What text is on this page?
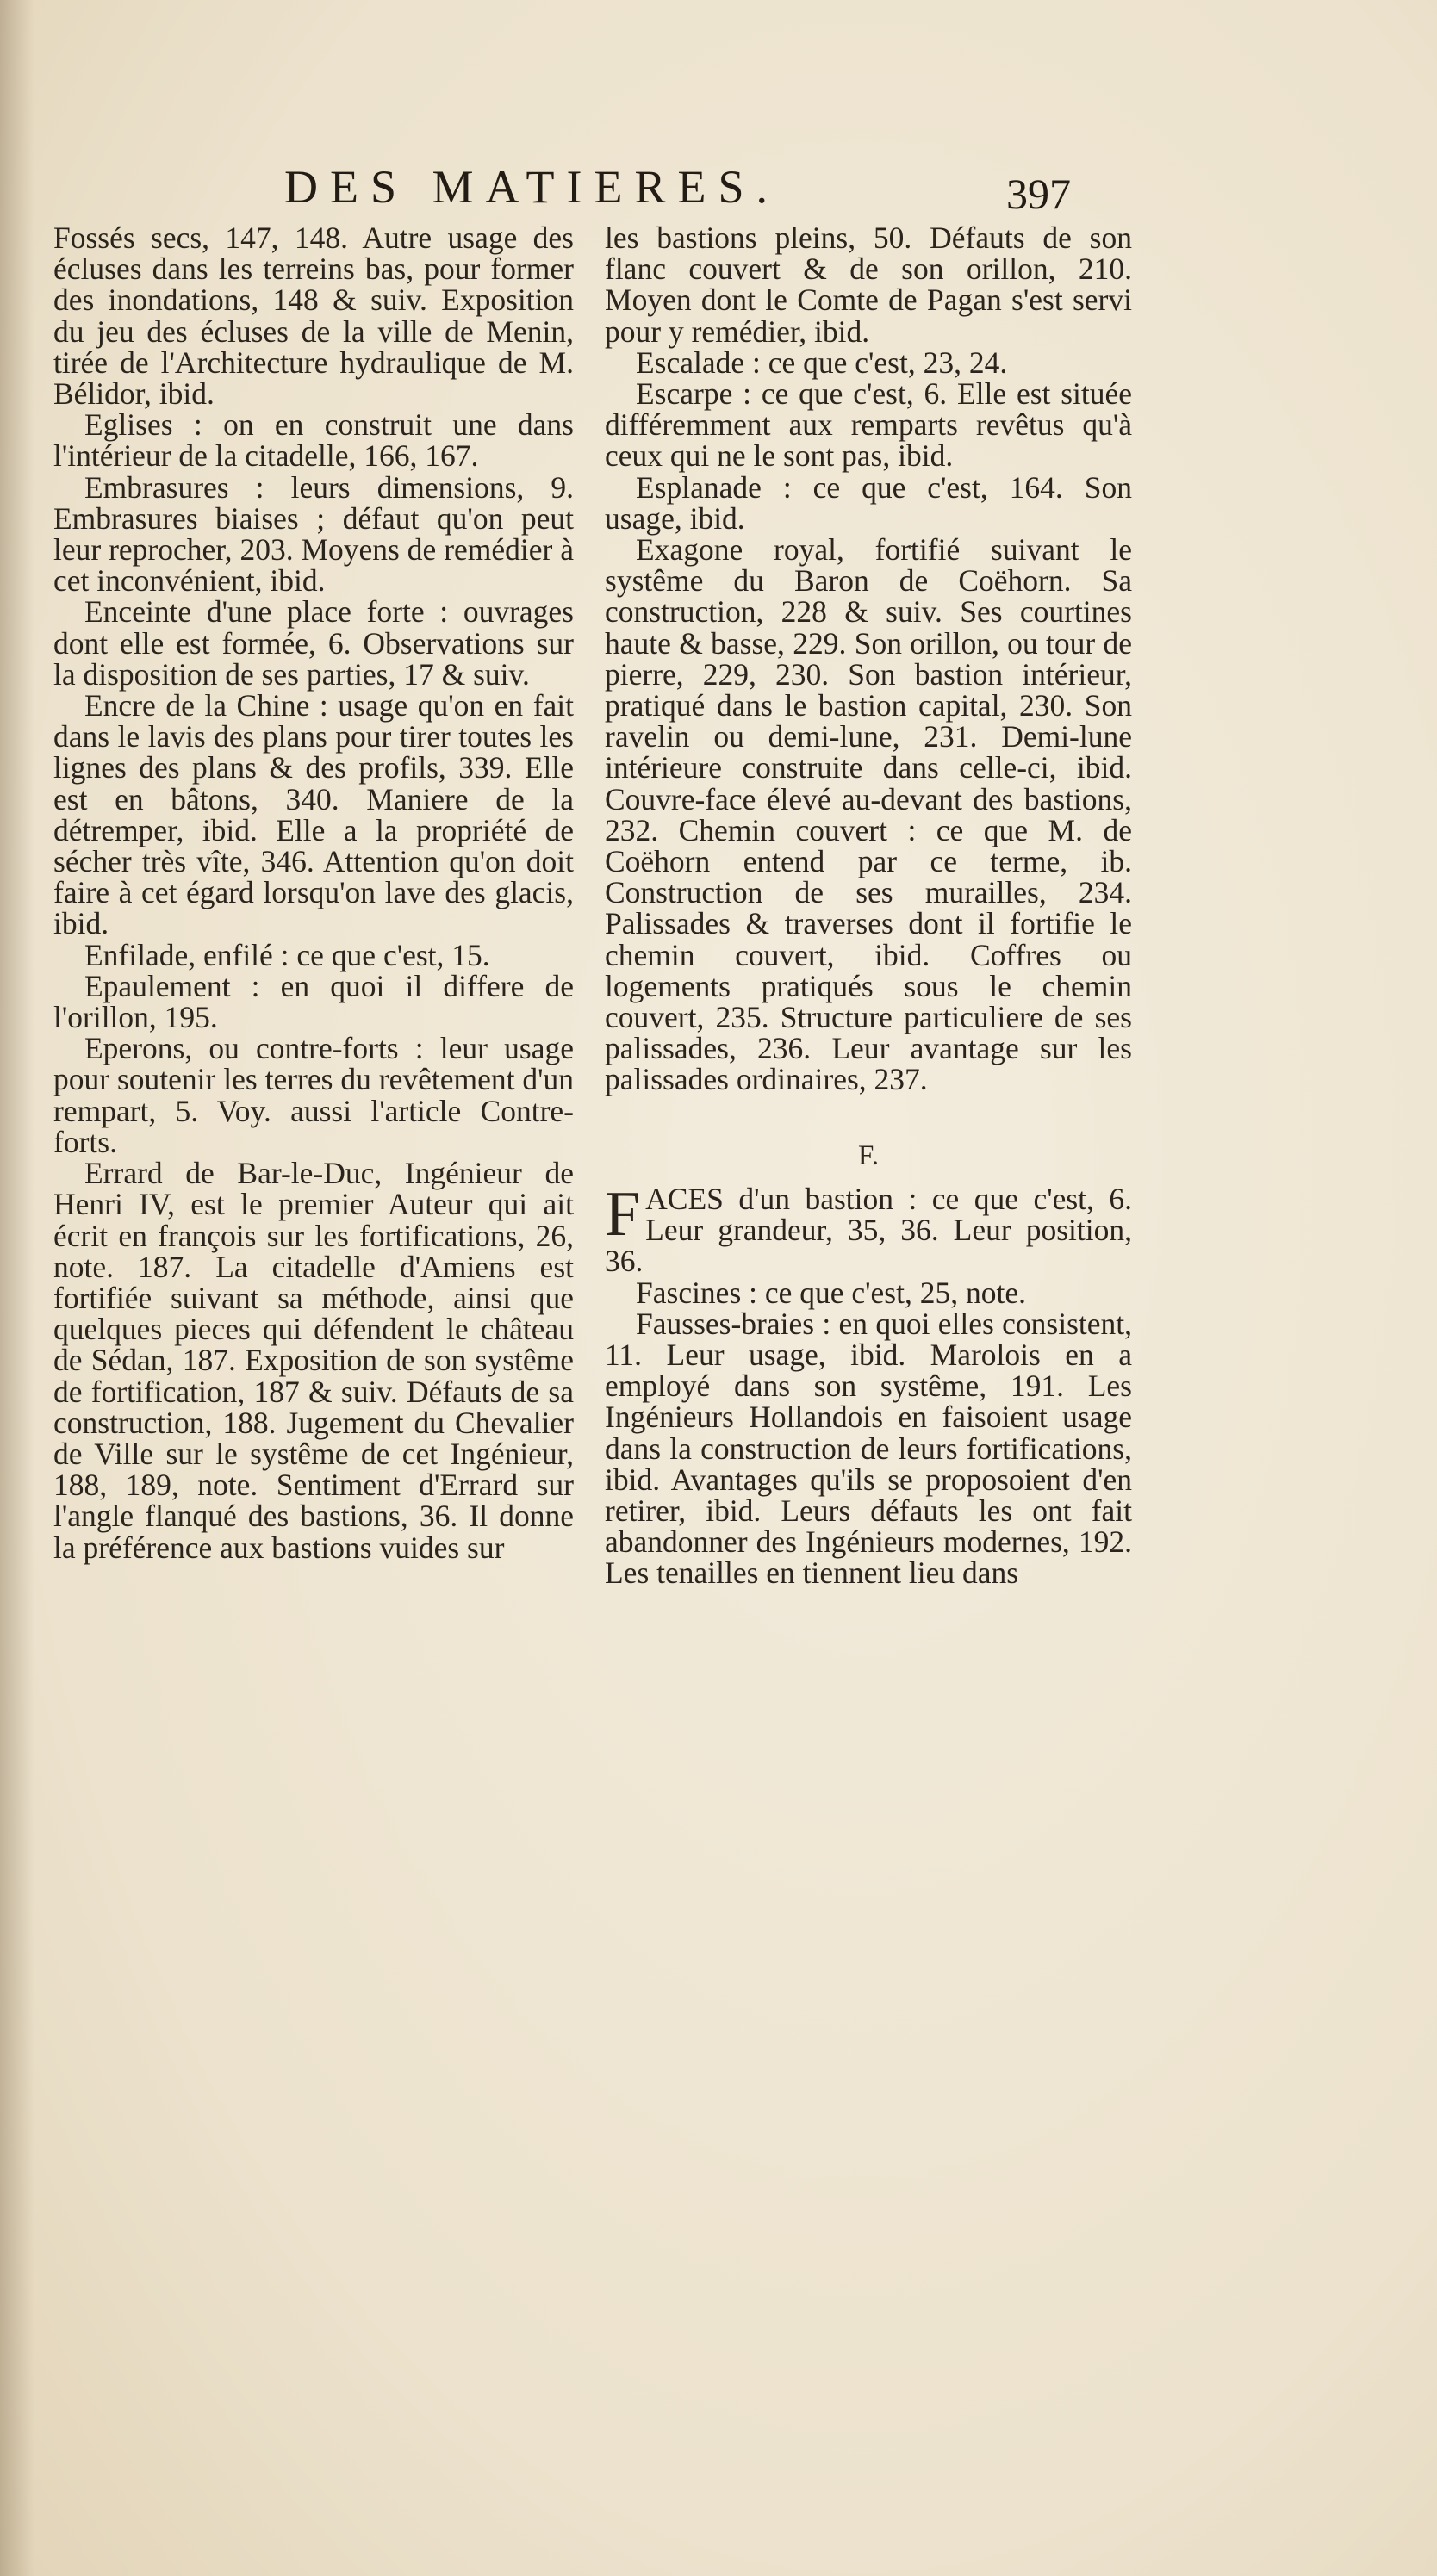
DES MATIERES.	397

Fossés secs, 147, 148. Autre usage des écluses dans les terreins bas, pour former des inondations, 148 & suiv. Exposition du jeu des écluses de la ville de Menin, tirée de l'Architecture hydraulique de M. Bélidor, ibid.

Eglises : on en construit une dans l'intérieur de la citadelle, 166, 167.

Embrasures : leurs dimensions, 9. Embrasures biaises ; défaut qu'on peut leur reprocher, 203. Moyens de remédier à cet inconvénient, ibid.

Enceinte d'une place forte : ouvrages dont elle est formée, 6. Observations sur la disposition de ses parties, 17 & suiv.

Encre de la Chine : usage qu'on en fait dans le lavis des plans pour tirer toutes les lignes des plans & des profils, 339. Elle est en bâtons, 340. Maniere de la détremper, ibid. Elle a la propriété de sécher très vîte, 346. Attention qu'on doit faire à cet égard lorsqu'on lave des glacis, ibid.

Enfilade, enfilé : ce que c'est, 15.

Epaulement : en quoi il differe de l'orillon, 195.

Eperons, ou contre-forts : leur usage pour soutenir les terres du revêtement d'un rempart, 5. Voy. aussi l'article Contre-forts.

Errard de Bar-le-Duc, Ingénieur de Henri IV, est le premier Auteur qui ait écrit en françois sur les fortifications, 26, note. 187. La citadelle d'Amiens est fortifiée suivant sa méthode, ainsi que quelques pieces qui défendent le château de Sédan, 187. Exposition de son systême de fortification, 187 & suiv. Défauts de sa construction, 188. Jugement du Chevalier de Ville sur le systême de cet Ingénieur, 188, 189, note. Sentiment d'Errard sur l'angle flanqué des bastions, 36. Il donne la préférence aux bastions vuides sur

les bastions pleins, 50. Défauts de son flanc couvert & de son orillon, 210. Moyen dont le Comte de Pagan s'est servi pour y remédier, ibid.

Escalade : ce que c'est, 23, 24.

Escarpe : ce que c'est, 6. Elle est située différemment aux remparts revêtus qu'à ceux qui ne le sont pas, ibid.

Esplanade : ce que c'est, 164. Son usage, ibid.

Exagone royal, fortifié suivant le systême du Baron de Coëhorn. Sa construction, 228 & suiv. Ses courtines haute & basse, 229. Son orillon, ou tour de pierre, 229, 230. Son bastion intérieur, pratiqué dans le bastion capital, 230. Son ravelin ou demi-lune, 231. Demi-lune intérieure construite dans celle-ci, ibid. Couvre-face élevé au-devant des bastions, 232. Chemin couvert : ce que M. de Coëhorn entend par ce terme, ib. Construction de ses murailles, 234. Palissades & traverses dont il fortifie le chemin couvert, ibid. Coffres ou logements pratiqués sous le chemin couvert, 235. Structure particuliere de ses palissades, 236. Leur avantage sur les palissades ordinaires, 237.

F.

FACES d'un bastion : ce que c'est, 6. Leur grandeur, 35, 36. Leur position, 36.

Fascines : ce que c'est, 25, note.

Fausses-braies : en quoi elles consistent, 11. Leur usage, ibid. Marolois en a employé dans son systême, 191. Les Ingénieurs Hollandois en faisoient usage dans la construction de leurs fortifications, ibid. Avantages qu'ils se proposoient d'en retirer, ibid. Leurs défauts les ont fait abandonner des Ingénieurs modernes, 192. Les tenailles en tiennent lieu dans
